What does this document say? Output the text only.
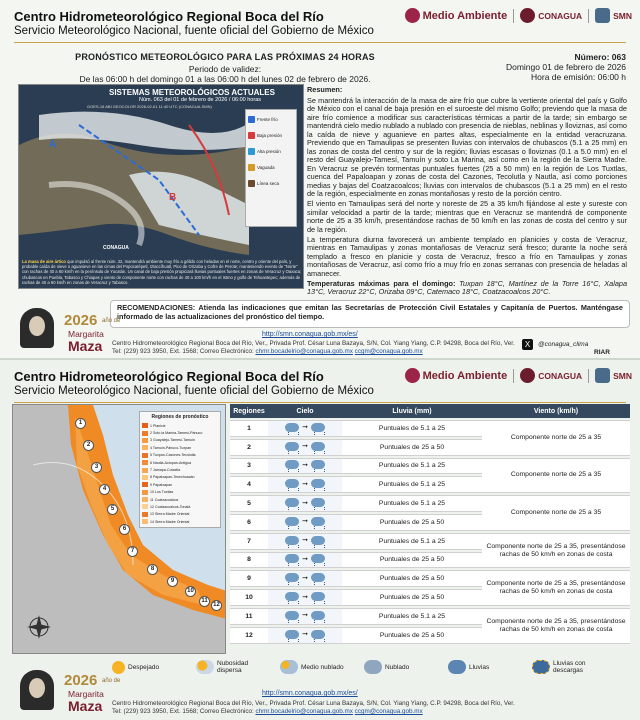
Centro Hidrometeorológico Regional Boca del Río
Servicio Meteorológico Nacional, fuente oficial del Gobierno de México
Medio Ambiente	CONAGUA	SMN
PRONÓSTICO METEOROLÓGICO PARA LAS PRÓXIMAS 24 HORAS
Periodo de validez:
De las 06:00 h del domingo 01 a las 06:00 h del lunes 02 de febrero de 2026.
Número: 063
Domingo 01 de febrero de 2026
Hora de emisión: 06:00 h
A
B
SISTEMAS METEOROLÓGICOS ACTUALES
Núm. 063 del 01 de febrero de 2026 / 06:00 horas
GOES-16 ABI GEOCOLOR 2026-02-01 11:40 UTC (CONAGUA-SMN)
Frente frío
Baja presión
Alta presión
Vaguada
Línea seca
CONAGUA
La masa de aire ártico que impulsó al frente núm. 32, mantendrá ambiente muy frío a gélido con heladas en el norte, centro y oriente del país, y probable caída de nieve o aguanieve en las cimas del Popocatépetl, Iztaccíhuatl, Pico de Orizaba y Cofre de Perote; manteniendo evento de "Norte" con rachas de 40 a 60 km/h en la península de Yucatán. Un canal de baja presión propiciará lluvias puntuales fuertes en zonas de Veracruz y Oaxaca; chubascos en Puebla, Tabasco y Chiapas y viento de componente norte con rachas de 40 a 100 km/h en el Istmo y golfo de Tehuantepec; además de rachas de 40 a 60 km/h en zonas de Veracruz y Tabasco.
Resumen:

Se mantendrá la interacción de la masa de aire frío que cubre la vertiente oriental del país y Golfo de México con el canal de baja presión en el suroeste del mismo Golfo; previendo que la masa de aire frío comience a modificar sus características térmicas a partir de la tarde; sin embargo se mantendrá cielo medio nublado a nublado con presencia de nieblas, neblinas y lloviznas, así como la caída de nieve y aguanieve en partes altas, especialmente en la entidad veracruzana. Previendo que en Tamaulipas se presenten lluvias con intervalos de chubascos (5.1 a 25 mm) en las zonas de costa del centro y sur de la región; lluvias escasas o lloviznas (0.1 a 5.0 mm) en el resto del Guayalejo-Tamesí, Tamuín y soto La Marina, así como en la región de la Sierra Madre. En Veracruz se prevén tormentas puntuales fuertes (25 a 50 mm) en la región de Los Tuxtlas, cuenca del Papaloapan y zonas de costa del Cazones, Tecolutla y Nautla, así como porciones medias y bajas del Coatzacoalcos; lluvias con intervalos de chubascos (5.1 a 25 mm) en el resto de la región, especialmente en zonas montañosas y resto de la porción centro.

El viento en Tamaulipas será del norte y noreste de 25 a 35 km/h fijándose al este y sureste con similar velocidad a partir de la tarde; mientras que en Veracruz se mantendrá de componente norte de 25 a 35 km/h, presentándose rachas de 50 km/h en las zonas de costa del centro y sur de la región.

La temperatura diurna favorecerá un ambiente templado en planicies y costa de Veracruz, mientras en Tamaulipas y zonas montañosas de Veracruz será fresco; durante la noche será templado a fresco en planicie y costa de Veracruz, fresco a frío en Tamaulipas y zonas montañosas de Veracruz, así como frío a muy frío en zonas serranas con presencia de heladas al amanecer.

Temperaturas máximas para el domingo: Tuxpan 18°C, Martínez de la Torre 16°C, Xalapa 13°C, Veracruz 22°C, Orizaba 09°C, Catemaco 18°C, Coatzacoalcos 20°C.

RECOMENDACIONES: Atienda las indicaciones que emitan las Secretarías de Protección Civil Estatales y Capitanía de Puertos. Manténgase informado de las actualizaciones del pronóstico del tiempo.
2026 año de
Margarita
Maza
http://smn.conagua.gob.mx/es/
Centro Hidrometeorológico Regional Boca del Río, Ver., Privada Prof. César Luna Bazaya, S/N, Col. Yiang Yiang, C.P. 94298, Boca del Río, Ver.
Tel: (229) 923 3950, Ext. 1568; Correo Electrónico: chmr.bocadelrio@conagua.gob.mx ccgm@conagua.gob.mx
X	@conagua_clima
RIAR
Centro Hidrometeorológico Regional Boca del Río
Servicio Meteorológico Nacional, fuente oficial del Gobierno de México
Medio Ambiente	CONAGUA	SMN
Regiones de pronóstico
1 Planicie
2 Soto la Marina-Tamesí-Pánuco
3 Guayalejo-Tamesí-Tamuín
4 Tamuín-Pánuco-Tuxpan
5 Tuxpan-Cazones-Tecolutla
6 Nautla-Actopan-Antigua
7 Jamapa-Cotaxtla
8 Papaloapan-Tesechoacán
9 Papaloapan
10 Los Tuxtlas
11 Coatzacoalcos
12 Coatzacoalcos-Tonalá
13 Sierra Madre Oriental
14 Sierra Madre Oriental
1
2
3
4
5
6
7
8
9
10
11
12
Regiones	Cielo	Lluvia (mm)	Viento (km/h)
1	➞	Puntuales de 5.1 a 25	Componente norte de 25 a 35
2	➞	Puntuales de 25 a 50	
3	➞	Puntuales de 5.1 a 25	Componente norte de 25 a 35
4	➞	Puntuales de 5.1 a 25	
5	➞	Puntuales de 5.1 a 25	Componente norte de 25 a 35
6	➞	Puntuales de 25 a 50	
7	➞	Puntuales de 5.1 a 25	Componente norte de 25 a 35, presentándose rachas de 50 km/h en zonas de costa
8	➞	Puntuales de 25 a 50	
9	➞	Puntuales de 25 a 50	Componente norte de 25 a 35, presentándose rachas de 50 km/h en zonas de costa
10	➞	Puntuales de 25 a 50	
11	➞	Puntuales de 5.1 a 25	Componente norte de 25 a 35, presentándose rachas de 50 km/h en zonas de costa
12	➞	Puntuales de 25 a 50	
Despejado	Nubosidad dispersa	Medio nublado	Nublado	Lluvias	Lluvias con descargas
2026 año de
Margarita
Maza
http://smn.conagua.gob.mx/es/
Centro Hidrometeorológico Regional Boca del Río, Ver., Privada Prof. César Luna Bazaya, S/N, Col. Yiang Yiang, C.P. 94298, Boca del Río, Ver.
Tel: (229) 923 3950, Ext. 1568; Correo Electrónico: chmr.bocadelrio@conagua.gob.mx ccgm@conagua.gob.mx
